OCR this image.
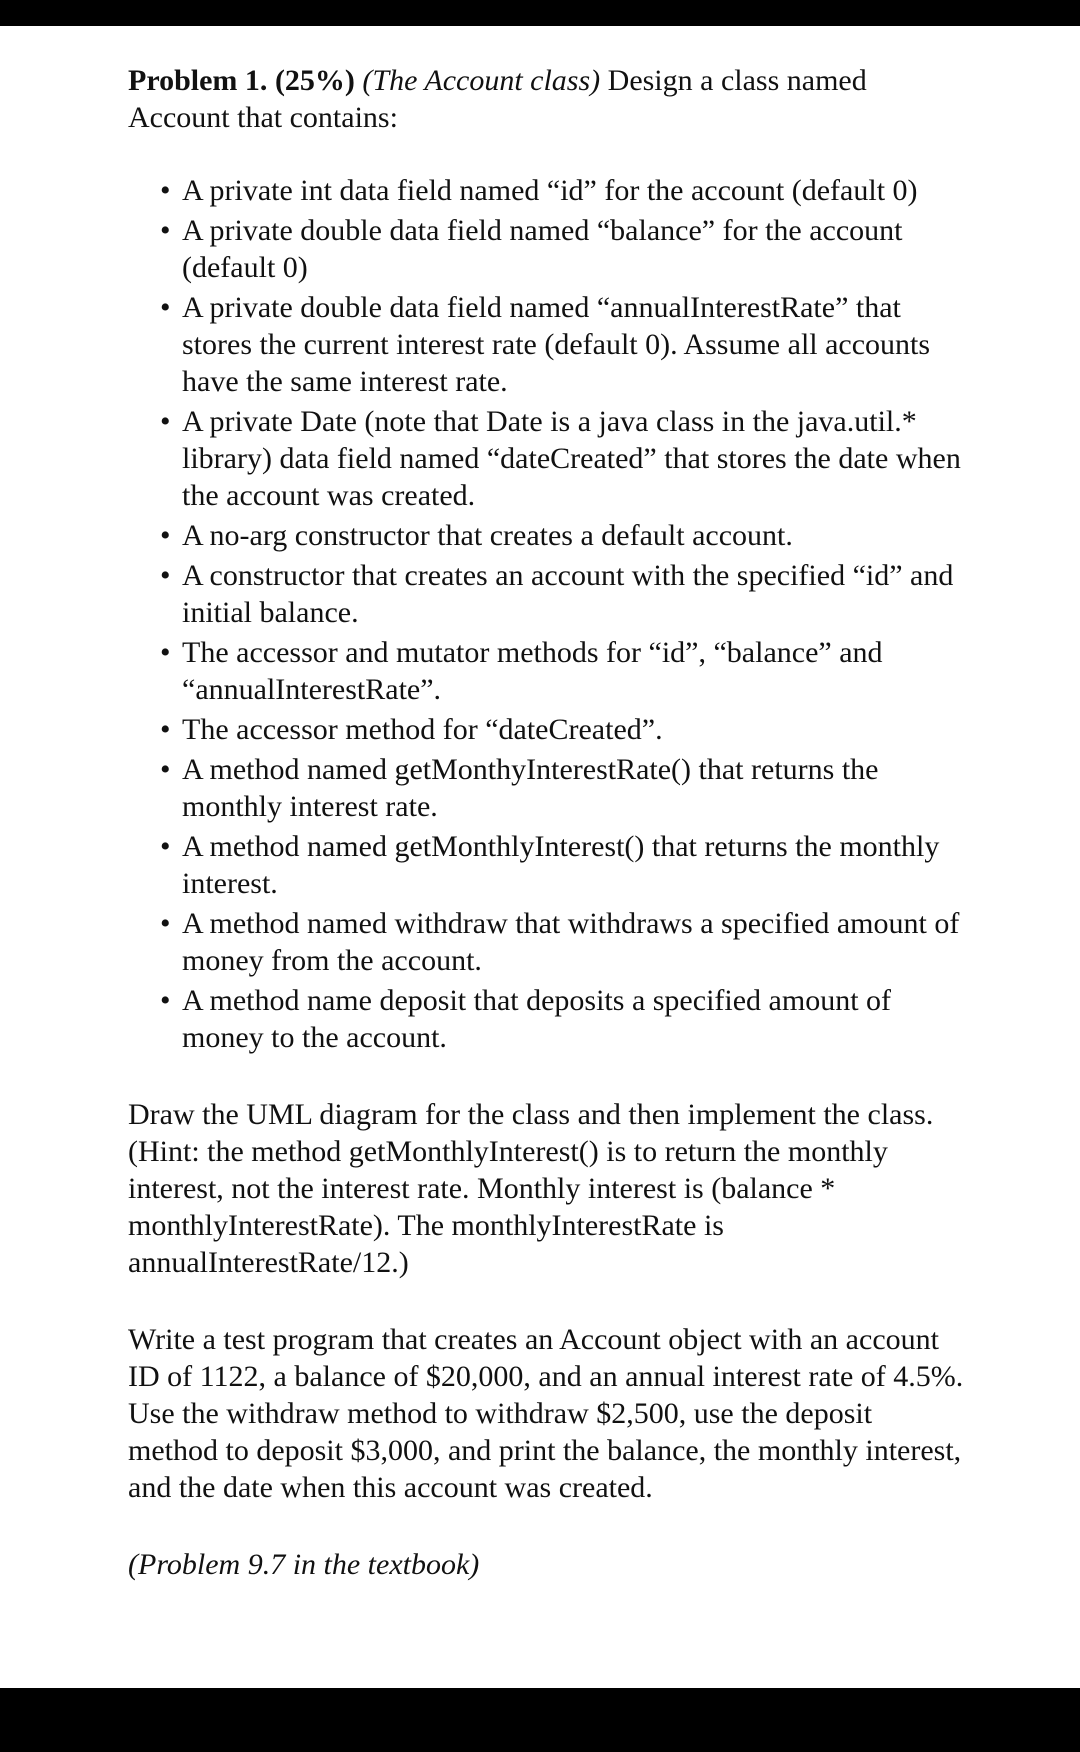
Problem 1. (25%) (The Account class) Design a class named Account that contains:

• A private int data field named “id” for the account (default 0)
• A private double data field named “balance” for the account (default 0)
• A private double data field named “annualInterestRate” that stores the current interest rate (default 0). Assume all accounts have the same interest rate.
• A private Date (note that Date is a java class in the java.util.* library) data field named “dateCreated” that stores the date when the account was created.
• A no-arg constructor that creates a default account.
• A constructor that creates an account with the specified “id” and initial balance.
• The accessor and mutator methods for “id”, “balance” and “annualInterestRate”.
• The accessor method for “dateCreated”.
• A method named getMonthyInterestRate() that returns the monthly interest rate.
• A method named getMonthlyInterest() that returns the monthly interest.
• A method named withdraw that withdraws a specified amount of money from the account.
• A method name deposit that deposits a specified amount of money to the account.

Draw the UML diagram for the class and then implement the class. (Hint: the method getMonthlyInterest() is to return the monthly interest, not the interest rate. Monthly interest is (balance * monthlyInterestRate). The monthlyInterestRate is annualInterestRate/12.)

Write a test program that creates an Account object with an account ID of 1122, a balance of $20,000, and an annual interest rate of 4.5%. Use the withdraw method to withdraw $2,500, use the deposit method to deposit $3,000, and print the balance, the monthly interest, and the date when this account was created.

(Problem 9.7 in the textbook)
